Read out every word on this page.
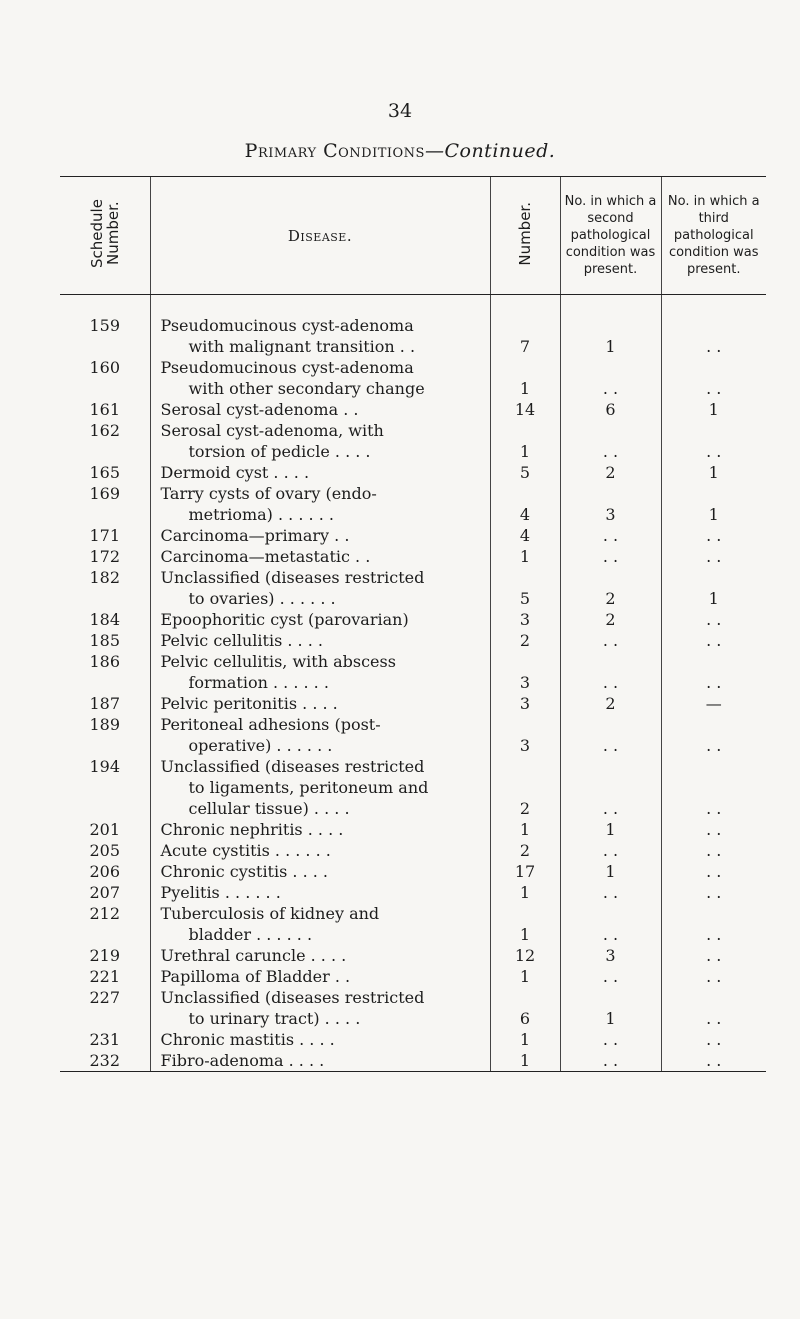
34
Primary Conditions—Continued.
Schedule Number.	Disease.	Number.	No. in which a second pathological condition was present.	No. in which a third pathological condition was present.

159	Pseudomucinous cyst-adenoma
with malignant transition . .	7	1	. .
160	Pseudomucinous cyst-adenoma
with other secondary change	1	. .	. .
161	Serosal cyst-adenoma . .	14	6	1
162	Serosal cyst-adenoma, with
torsion of pedicle . . . .	1	. .	. .
165	Dermoid cyst . . . .	5	2	1
169	Tarry cysts of ovary (endo-
metrioma) . . . . . .	4	3	1
171	Carcinoma—primary . .	4	. .	. .
172	Carcinoma—metastatic . .	1	. .	. .
182	Unclassified (diseases restricted
to ovaries) . . . . . .	5	2	1
184	Epoophoritic cyst (parovarian)	3	2	. .
185	Pelvic cellulitis . . . .	2	. .	. .
186	Pelvic cellulitis, with abscess
formation . . . . . .	3	. .	. .
187	Pelvic peritonitis . . . .	3	2	—
189	Peritoneal adhesions (post-
operative) . . . . . .	3	. .	. .
194	Unclassified (diseases restricted
to ligaments, peritoneum and
cellular tissue) . . . .	2	. .	. .
201	Chronic nephritis . . . .	1	1	. .
205	Acute cystitis . . . . . .	2	. .	. .
206	Chronic cystitis . . . .	17	1	. .
207	Pyelitis . . . . . .	1	. .	. .
212	Tuberculosis of kidney and
bladder . . . . . .	1	. .	. .
219	Urethral caruncle . . . .	12	3	. .
221	Papilloma of Bladder . .	1	. .	. .
227	Unclassified (diseases restricted
to urinary tract) . . . .	6	1	. .
231	Chronic mastitis . . . .	1	. .	. .
232	Fibro-adenoma . . . .	1	. .	. .
